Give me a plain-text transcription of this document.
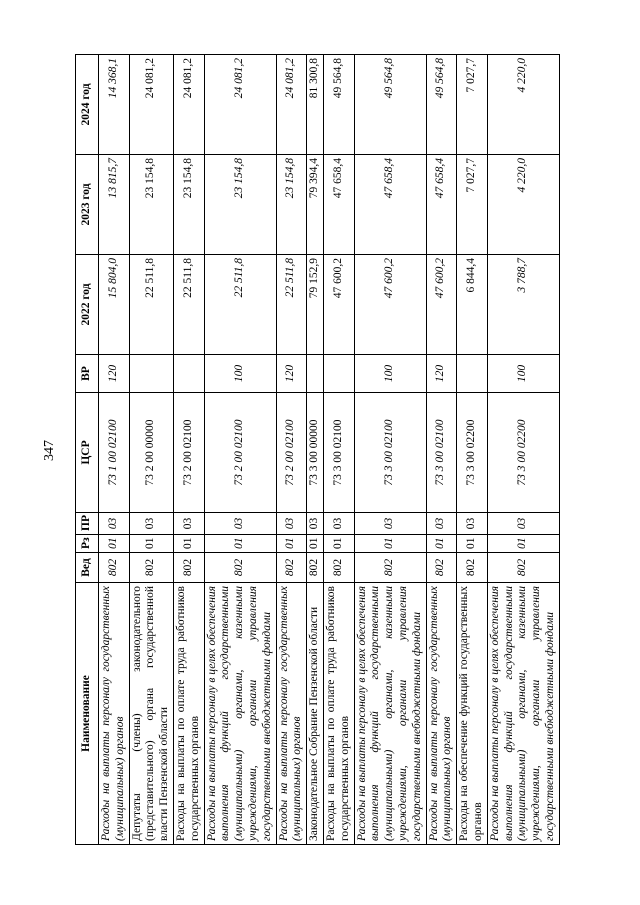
347
Наименование	Вед	Рз	ПР	ЦСР	ВР	2022 год	2023 год	2024 год
Расходы на выплаты персоналу государственных (муниципальных) органов	802	01	03	73 1 00 02100	120	15 804,0	13 815,7	14 368,1
Депутаты (члены) законодательного (представительного) органа государственной власти Пензенской области	802	01	03	73 2 00 00000		22 511,8	23 154,8	24 081,2
Расходы на выплаты по оплате труда работников государственных органов	802	01	03	73 2 00 02100		22 511,8	23 154,8	24 081,2
Расходы на выплаты персоналу в целях обеспечения выполнения функций государственными (муниципальными) органами, казенными учреждениями, органами управления государственными внебюджетными фондами	802	01	03	73 2 00 02100	100	22 511,8	23 154,8	24 081,2
Расходы на выплаты персоналу государственных (муниципальных) органов	802	01	03	73 2 00 02100	120	22 511,8	23 154,8	24 081,2
Законодательное Собрание Пензенской области	802	01	03	73 3 00 00000		79 152,9	79 394,4	81 300,8
Расходы на выплаты по оплате труда работников государственных органов	802	01	03	73 3 00 02100		47 600,2	47 658,4	49 564,8
Расходы на выплаты персоналу в целях обеспечения выполнения функций государственными (муниципальными) органами, казенными учреждениями, органами управления государственными внебюджетными фондами	802	01	03	73 3 00 02100	100	47 600,2	47 658,4	49 564,8
Расходы на выплаты персоналу государственных (муниципальных) органов	802	01	03	73 3 00 02100	120	47 600,2	47 658,4	49 564,8
Расходы на обеспечение функций государственных органов	802	01	03	73 3 00 02200		6 844,4	7 027,7	7 027,7
Расходы на выплаты персоналу в целях обеспечения выполнения функций государственными (муниципальными) органами, казенными учреждениями, органами управления государственными внебюджетными фондами	802	01	03	73 3 00 02200	100	3 788,7	4 220,0	4 220,0
